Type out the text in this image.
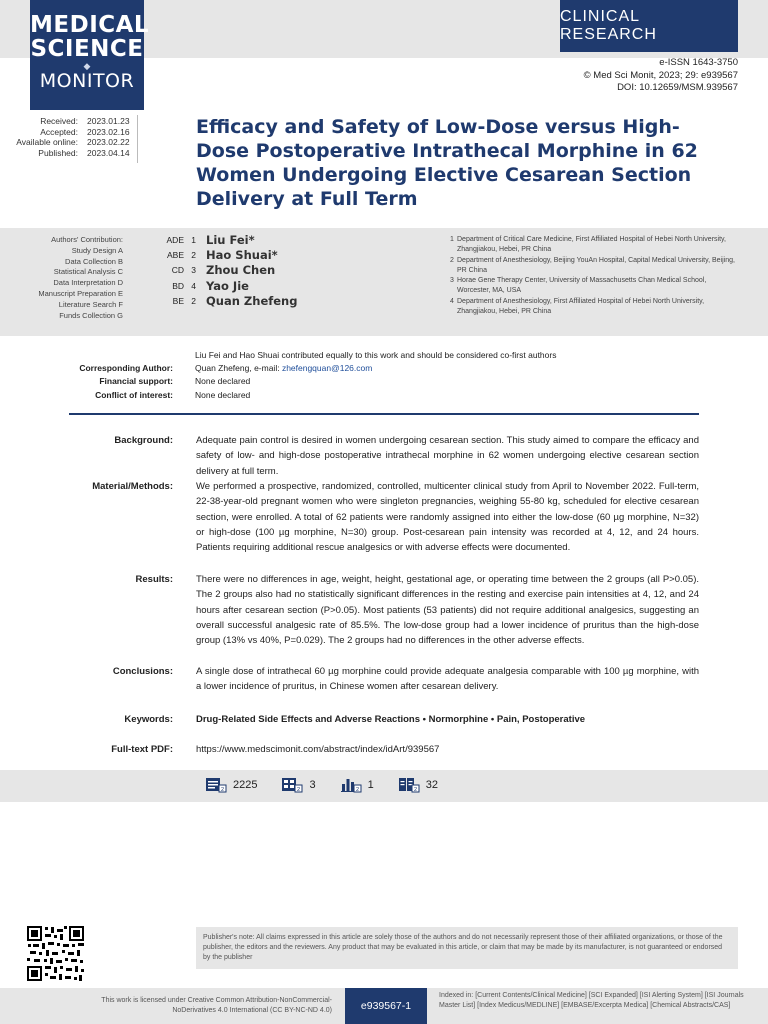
MEDICAL
SCIENCE
◆
MONITOR
CLINICAL RESEARCH
e-ISSN 1643-3750
© Med Sci Monit, 2023; 29: e939567
DOI: 10.12659/MSM.939567
Received: 2023.01.23
Accepted: 2023.02.16
Available online: 2023.02.22
Published: 2023.04.14
Efficacy and Safety of Low-Dose versus High-Dose Postoperative Intrathecal Morphine in 62 Women Undergoing Elective Cesarean Section Delivery at Full Term
Authors' Contribution:
Study Design A
Data Collection B
Statistical Analysis C
Data Interpretation D
Manuscript Preparation E
Literature Search F
Funds Collection G
ADE 1 Liu Fei*
ABE 2 Hao Shuai*
CD 3 Zhou Chen
BD 4 Yao Jie
BE 2 Quan Zhefeng
1 Department of Critical Care Medicine, First Affiliated Hospital of Hebei North University, Zhangjiakou, Hebei, PR China
2 Department of Anesthesiology, Beijing YouAn Hospital, Capital Medical University, Beijing, PR China
3 Horae Gene Therapy Center, University of Massachusetts Chan Medical School, Worcester, MA, USA
4 Department of Anesthesiology, First Affiliated Hospital of Hebei North University, Zhangjiakou, Hebei, PR China
Liu Fei and Hao Shuai contributed equally to this work and should be considered co-first authors
Corresponding Author:	Quan Zhefeng, e-mail: zhefengquan@126.com
Financial support:	None declared
Conflict of interest:	None declared
Background: Adequate pain control is desired in women undergoing cesarean section. This study aimed to compare the efficacy and safety of low- and high-dose postoperative intrathecal morphine in 62 women undergoing elective cesarean section delivery at full term.
Material/Methods: We performed a prospective, randomized, controlled, multicenter clinical study from April to November 2022. Full-term, 22-38-year-old pregnant women who were singleton pregnancies, weighing 55-80 kg, scheduled for elective cesarean section, were enrolled. A total of 62 patients were randomly assigned into either the low-dose (60 µg morphine, N=32) or high-dose (100 µg morphine, N=30) group. Post-cesarean pain intensity was recorded at 4, 12, and 24 hours. Patients requiring additional rescue analgesics or with adverse effects were documented.
Results: There were no differences in age, weight, height, gestational age, or operating time between the 2 groups (all P>0.05). The 2 groups also had no statistically significant differences in the resting and exercise pain intensities at 4, 12, and 24 hours after cesarean section (P>0.05). Most patients (53 patients) did not require additional analgesics, suggesting an overall successful analgesic rate of 85.5%. The low-dose group had a lower incidence of pruritus than the high-dose group (13% vs 40%, P=0.029). The 2 groups had no differences in the other adverse effects.
Conclusions: A single dose of intrathecal 60 µg morphine could provide adequate analgesia comparable with 100 µg morphine, with a lower incidence of pruritus, in Chinese women after cesarean delivery.
Keywords: Drug-Related Side Effects and Adverse Reactions • Normorphine • Pain, Postoperative
Full-text PDF: https://www.medscimonit.com/abstract/index/idArt/939567
2 2225	2 3	2 1	2 32
Publisher's note: All claims expressed in this article are solely those of the authors and do not necessarily represent those of their affiliated organizations, or those of the publisher, the editors and the reviewers. Any product that may be evaluated in this article, or claim that may be made by its manufacturer, is not guaranteed or endorsed by the publisher
This work is licensed under Creative Common Attribution-NonCommercial-NoDerivatives 4.0 International (CC BY-NC-ND 4.0)	e939567-1
Indexed in: [Current Contents/Clinical Medicine] [SCI Expanded] [ISI Alerting System] [ISI Journals Master List] [Index Medicus/MEDLINE] [EMBASE/Excerpta Medica] [Chemical Abstracts/CAS]
